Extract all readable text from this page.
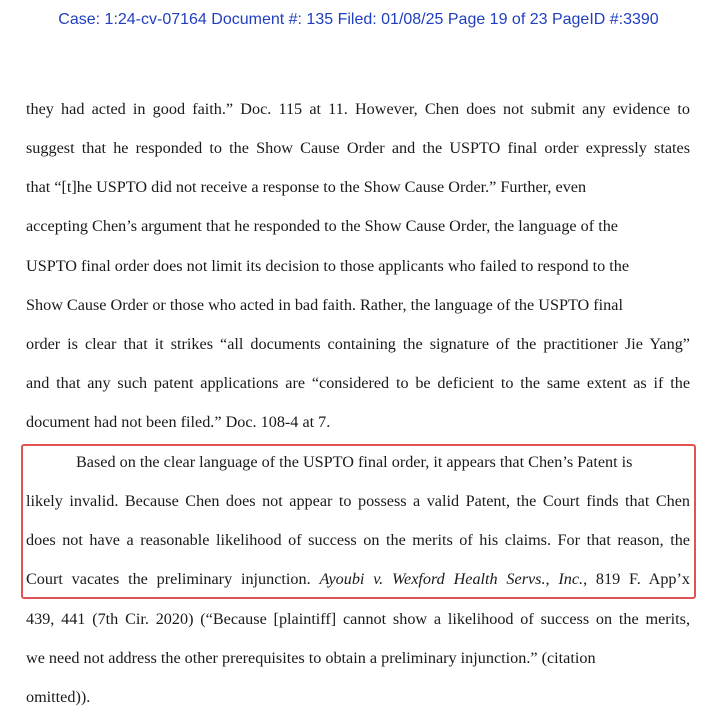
Case: 1:24-cv-07164 Document #: 135 Filed: 01/08/25 Page 19 of 23 PageID #:3390
they had acted in good faith.” Doc. 115 at 11. However, Chen does not submit any evidence to
suggest that he responded to the Show Cause Order and the USPTO final order expressly states
that “[t]he USPTO did not receive a response to the Show Cause Order.” Further, even
accepting Chen’s argument that he responded to the Show Cause Order, the language of the
USPTO final order does not limit its decision to those applicants who failed to respond to the
Show Cause Order or those who acted in bad faith. Rather, the language of the USPTO final
order is clear that it strikes “all documents containing the signature of the practitioner Jie Yang”
and that any such patent applications are “considered to be deficient to the same extent as if the
document had not been filed.” Doc. 108-4 at 7.
Based on the clear language of the USPTO final order, it appears that Chen’s Patent is
likely invalid. Because Chen does not appear to possess a valid Patent, the Court finds that Chen
does not have a reasonable likelihood of success on the merits of his claims. For that reason, the
Court vacates the preliminary injunction. Ayoubi v. Wexford Health Servs., Inc., 819 F. App’x
439, 441 (7th Cir. 2020) (“Because [plaintiff] cannot show a likelihood of success on the merits,
we need not address the other prerequisites to obtain a preliminary injunction.” (citation
omitted)).
